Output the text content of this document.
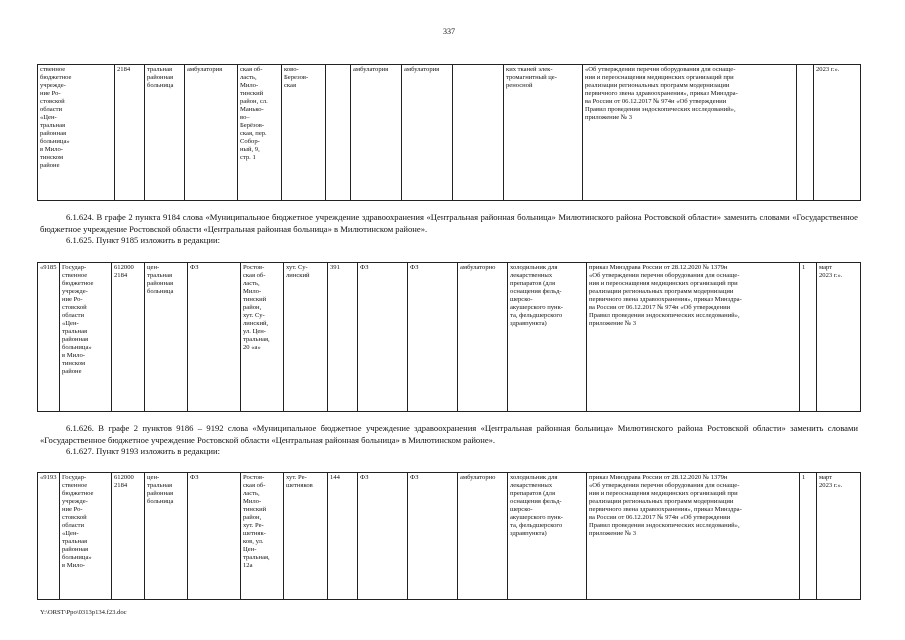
337
ственное
бюджетное
учрежде-
ние Ро-
стовской
области
«Цен-
тральная
районная
больница»
в Мило-
тинском
районе	2184	тральная
районная
больница	амбулатория	ская об-
ласть,
Мило-
тинский
район, сл.
Манько-
во–
Берёзов-
ская, пер.
Собор-
ный, 9,
стр. 1	ково-
Березов-
ская		амбулатория	амбулатория		ких тканей элек-
тромагнитный це-
реносной	«Об утверждении перечня оборудования для оснаще-
ния и переоснащения медицинских организаций при
реализации региональных программ модернизации
первичного звена здравоохранения», приказ Минздра-
ва России от 06.12.2017 № 974н «Об утверждении
Правил проведения эндоскопических исследований»,
приложение № 3		2023 г.».
6.1.624. В графе 2 пункта 9184 слова «Муниципальное бюджетное учреждение здравоохранения «Центральная районная больница» Милютинского района Ростовской области» заменить словами «Государственное бюджетное учреждение Ростовской области «Центральная районная больница» в Милютинском районе».
6.1.625. Пункт 9185 изложить в редакции:
«9185	Государ-
ственное
бюджетное
учрежде-
ние Ро-
стовской
области
«Цен-
тральная
районная
больница»
в Мило-
тинском
районе	612000
2184	цен-
тральная
районная
больница	ФЗ	Ростов-
ская об-
ласть,
Мило-
тинский
район,
хут. Су-
линский,
ул. Цен-
тральная,
20 «а»	хут. Су-
линский	391	ФЗ	ФЗ	амбулаторно	холодильник для
лекарственных
препаратов (для
оснащения фельд-
шерско-
акушерского пунк-
та, фельдшерского
здравпункта)	приказ Минздрава России от 28.12.2020 № 1379н
«Об утверждении перечня оборудования для оснаще-
ния и переоснащения медицинских организаций при
реализации региональных программ модернизации
первичного звена здравоохранения», приказ Минздра-
ва России от 06.12.2017 № 974н «Об утверждении
Правил проведения эндоскопических исследований»,
приложение № 3	1	март
2023 г.».
6.1.626. В графе 2 пунктов 9186 – 9192 слова «Муниципальное бюджетное учреждение здравоохранения «Центральная районная больница» Милютинского района Ростовской области» заменить словами «Государственное бюджетное учреждение Ростовской области «Центральная районная больница» в Милютинском районе».
6.1.627. Пункт 9193 изложить в редакции:
«9193	Государ-
ственное
бюджетное
учрежде-
ние Ро-
стовской
области
«Цен-
тральная
районная
больница»
в Мило-	612000
2184	цен-
тральная
районная
больница	ФЗ	Ростов-
ская об-
ласть,
Мило-
тинский
район,
хут. Ре-
шетняк-
ков, ул.
Цен-
тральная,
12а	хут. Ре-
шетняков	144	ФЗ	ФЗ	амбулаторно	холодильник для
лекарственных
препаратов (для
оснащения фельд-
шерско-
акушерского пунк-
та, фельдшерского
здравпункта)	приказ Минздрава России от 28.12.2020 № 1379н
«Об утверждении перечня оборудования для оснаще-
ния и переоснащения медицинских организаций при
реализации региональных программ модернизации
первичного звена здравоохранения», приказ Минздра-
ва России от 06.12.2017 № 974н «Об утверждении
Правил проведения эндоскопических исследований»,
приложение № 3	1	март
2023 г.».
Y:\ORST\Ppo\0313p134.f23.doc
